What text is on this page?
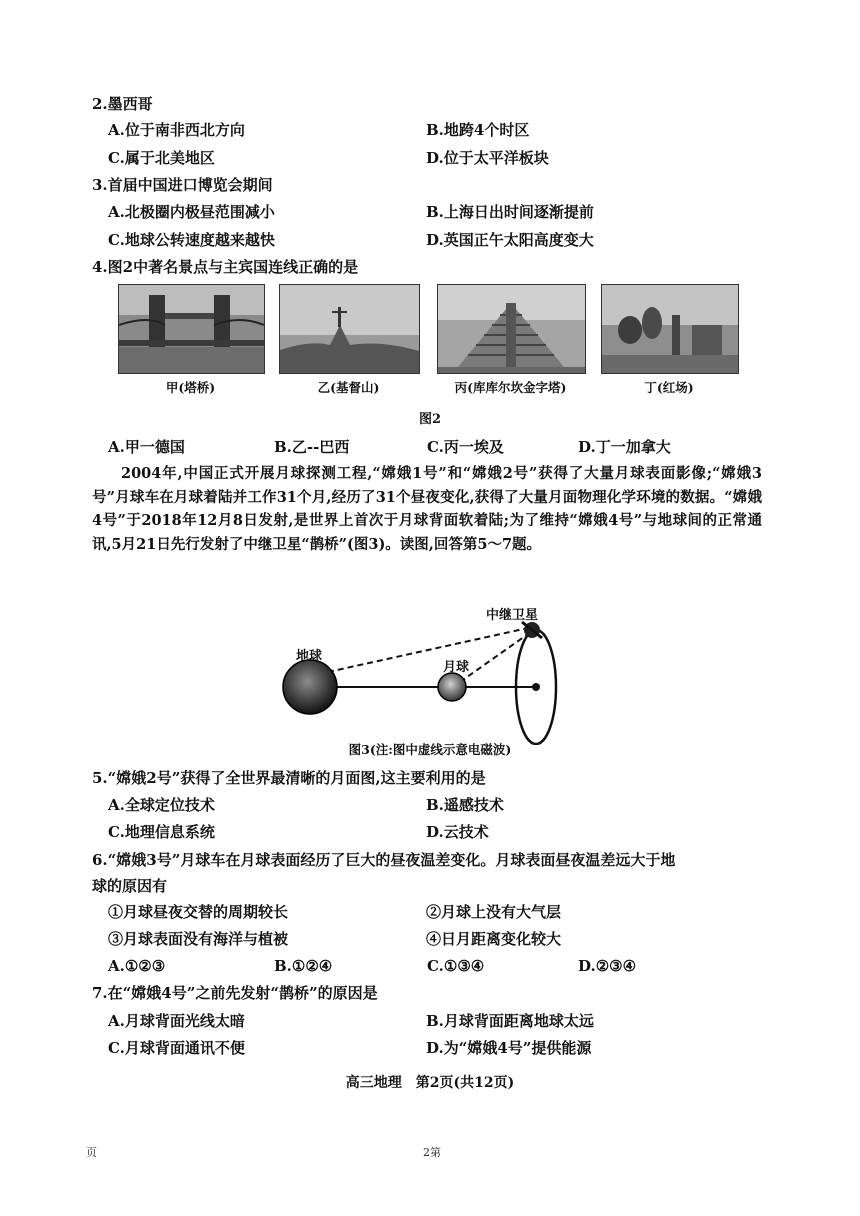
2.墨西哥
A.位于南非西北方向	B.地跨4个时区
C.属于北美地区	D.位于太平洋板块
3.首届中国进口博览会期间
A.北极圈内极昼范围减小	B.上海日出时间逐渐提前
C.地球公转速度越来越快	D.英国正午太阳高度变大
4.图2中著名景点与主宾国连线正确的是
甲(塔桥)	乙(基督山)	丙(库库尔坎金字塔)	丁(红场)
图2
A.甲一德国	B.乙--巴西	C.丙一埃及	D.丁一加拿大

2004年,中国正式开展月球探测工程,“嫦娥1号”和“嫦娥2号”获得了大量月球表面影像;“嫦娥3号”月球车在月球着陆并工作31个月,经历了31个昼夜变化,获得了大量月面物理化学环境的数据。“嫦娥4号”于2018年12月8日发射,是世界上首次于月球背面软着陆;为了维持“嫦娥4号”与地球间的正常通讯,5月21日先行发射了中继卫星“鹊桥”(图3)。读图,回答第5～7题。

地球
月球
中继卫星
图3(注:图中虚线示意电磁波)
5.“嫦娥2号”获得了全世界最清晰的月面图,这主要利用的是
A.全球定位技术	B.遥感技术
C.地理信息系统	D.云技术
6.“嫦娥3号”月球车在月球表面经历了巨大的昼夜温差变化。月球表面昼夜温差远大于地
球的原因有
①月球昼夜交替的周期较长	②月球上没有大气层
③月球表面没有海洋与植被	④日月距离变化较大
A.①②③	B.①②④	C.①③④	D.②③④
7.在“嫦娥4号”之前先发射“鹊桥”的原因是
A.月球背面光线太暗	B.月球背面距离地球太远
C.月球背面通讯不便	D.为“嫦娥4号”提供能源
高三地理　第2页(共12页)
页	2第
